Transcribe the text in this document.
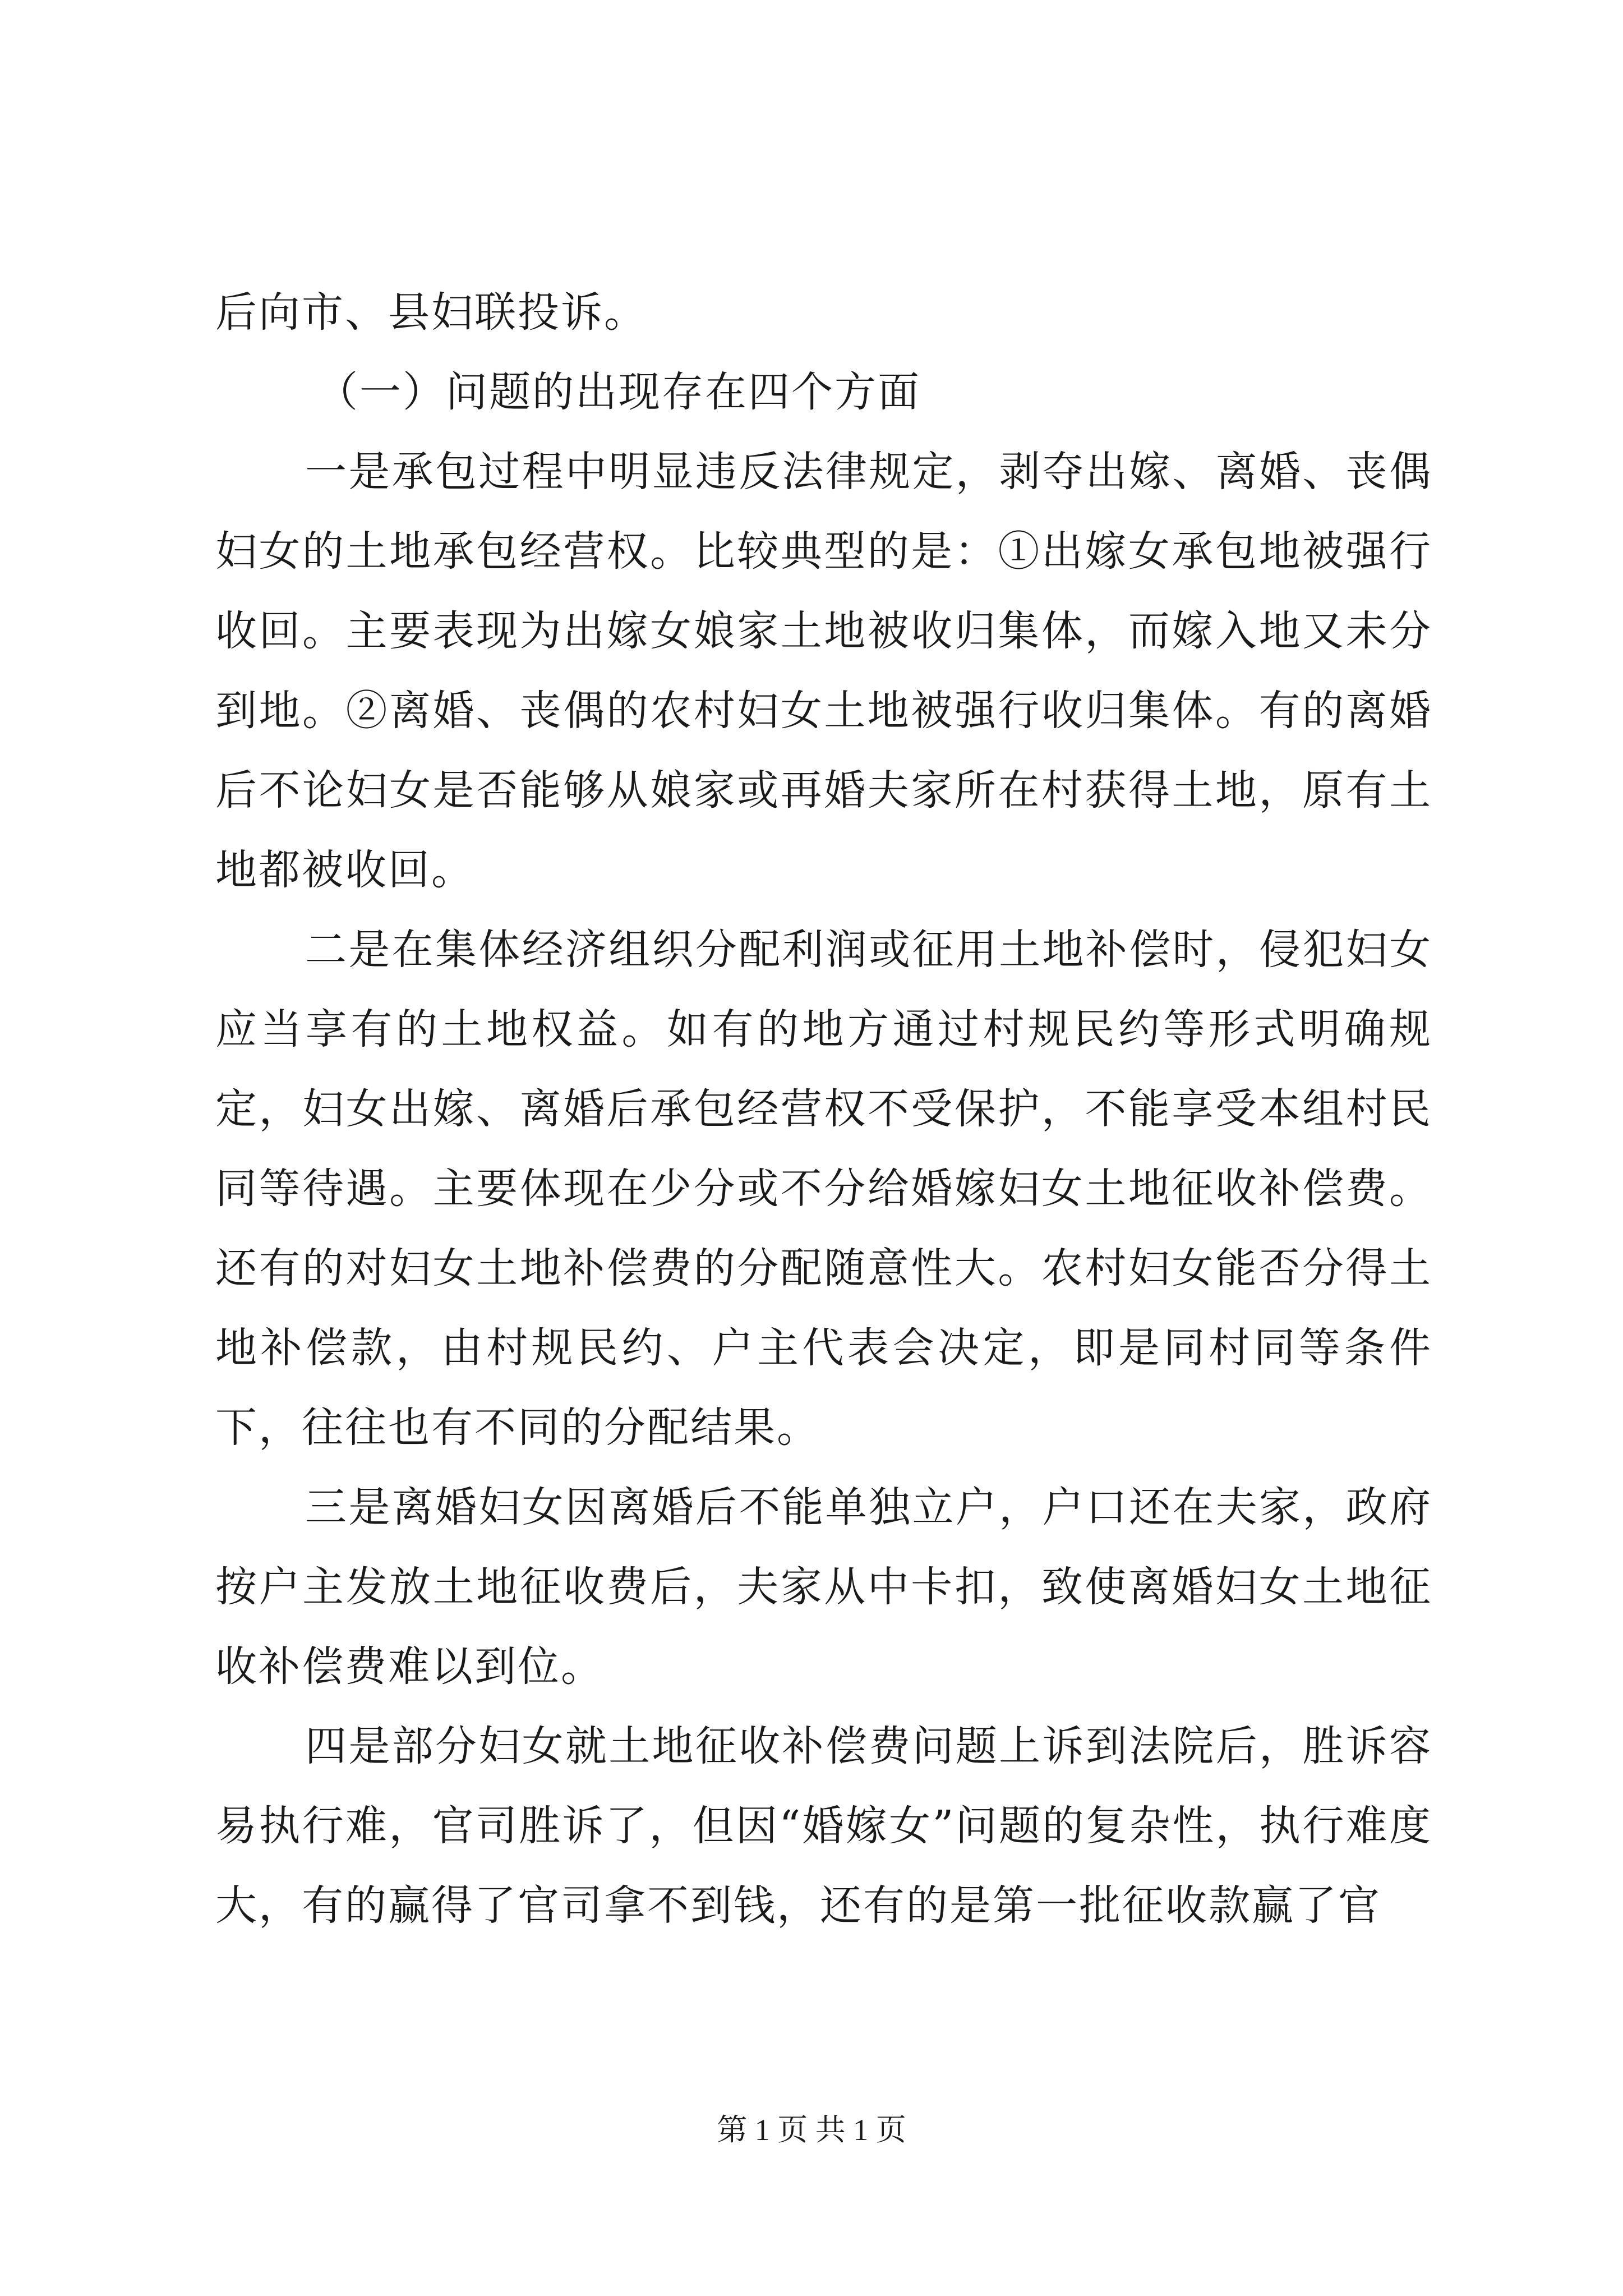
后向市、县妇联投诉。

（一）问题的出现存在四个方面

一是承包过程中明显违反法律规定，剥夺出嫁、离婚、丧偶妇女的土地承包经营权。比较典型的是：①出嫁女承包地被强行收回。主要表现为出嫁女娘家土地被收归集体，而嫁入地又未分到地。②离婚、丧偶的农村妇女土地被强行收归集体。有的离婚后不论妇女是否能够从娘家或再婚夫家所在村获得土地，原有土地都被收回。

二是在集体经济组织分配利润或征用土地补偿时，侵犯妇女应当享有的土地权益。如有的地方通过村规民约等形式明确规定，妇女出嫁、离婚后承包经营权不受保护，不能享受本组村民同等待遇。主要体现在少分或不分给婚嫁妇女土地征收补偿费。还有的对妇女土地补偿费的分配随意性大。农村妇女能否分得土地补偿款，由村规民约、户主代表会决定，即是同村同等条件下，往往也有不同的分配结果。

三是离婚妇女因离婚后不能单独立户，户口还在夫家，政府按户主发放土地征收费后，夫家从中卡扣，致使离婚妇女土地征收补偿费难以到位。

四是部分妇女就土地征收补偿费问题上诉到法院后，胜诉容易执行难，官司胜诉了，但因“婚嫁女”问题的复杂性，执行难度大，有的赢得了官司拿不到钱，还有的是第一批征收款赢了官

第 1 页 共 1 页
